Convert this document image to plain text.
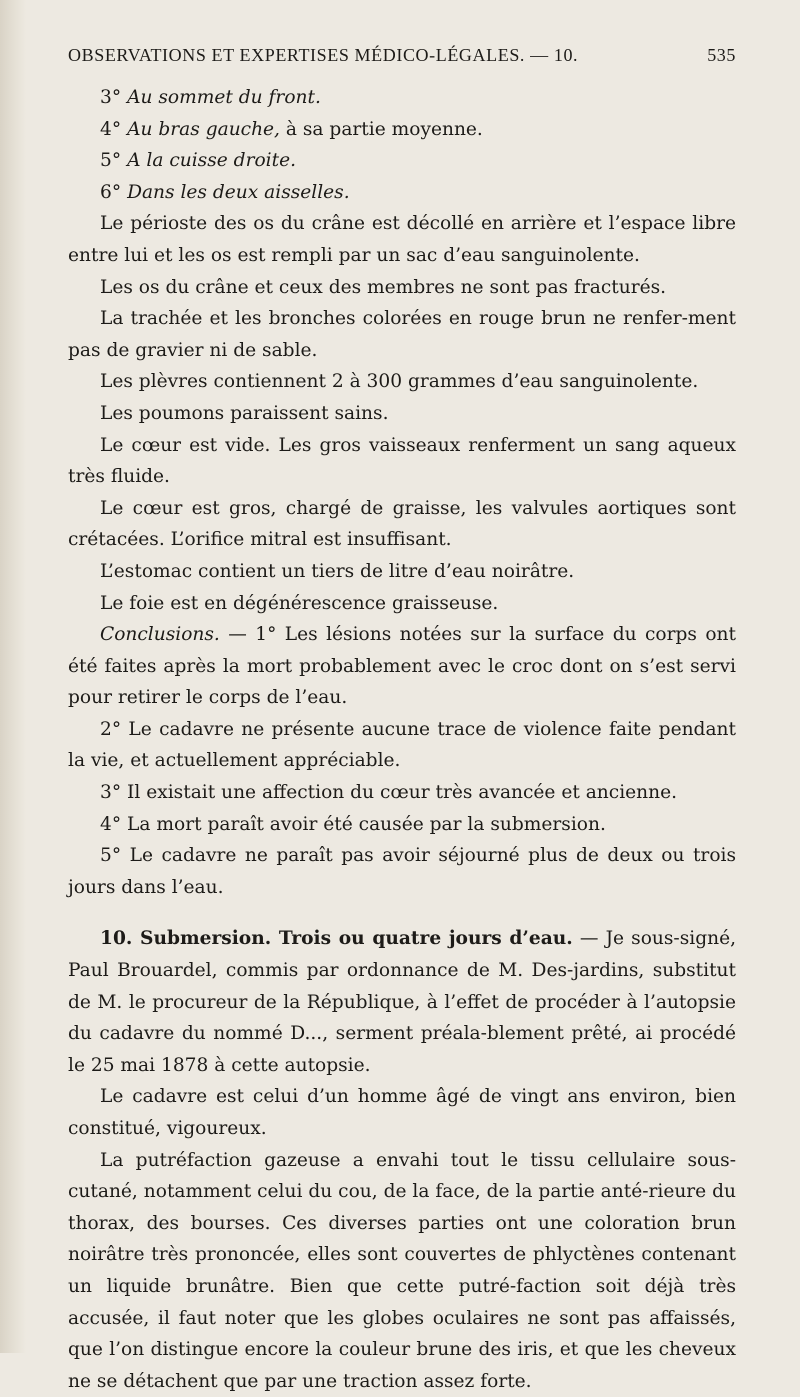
OBSERVATIONS ET EXPERTISES MÉDICO-LÉGALES. — 10.	535

3° Au sommet du front.

4° Au bras gauche, à sa partie moyenne.

5° A la cuisse droite.

6° Dans les deux aisselles.

Le périoste des os du crâne est décollé en arrière et l’espace libre entre lui et les os est rempli par un sac d’eau sanguinolente.

Les os du crâne et ceux des membres ne sont pas fracturés.

La trachée et les bronches colorées en rouge brun ne renfer-ment pas de gravier ni de sable.

Les plèvres contiennent 2 à 300 grammes d’eau sanguinolente.

Les poumons paraissent sains.

Le cœur est vide. Les gros vaisseaux renferment un sang aqueux très fluide.

Le cœur est gros, chargé de graisse, les valvules aortiques sont crétacées. L’orifice mitral est insuffisant.

L’estomac contient un tiers de litre d’eau noirâtre.

Le foie est en dégénérescence graisseuse.

Conclusions. — 1° Les lésions notées sur la surface du corps ont été faites après la mort probablement avec le croc dont on s’est servi pour retirer le corps de l’eau.

2° Le cadavre ne présente aucune trace de violence faite pendant la vie, et actuellement appréciable.

3° Il existait une affection du cœur très avancée et ancienne.

4° La mort paraît avoir été causée par la submersion.

5° Le cadavre ne paraît pas avoir séjourné plus de deux ou trois jours dans l’eau.

10. Submersion. Trois ou quatre jours d’eau. — Je sous-signé, Paul Brouardel, commis par ordonnance de M. Des-jardins, substitut de M. le procureur de la République, à l’effet de procéder à l’autopsie du cadavre du nommé D..., serment préala-blement prêté, ai procédé le 25 mai 1878 à cette autopsie.

Le cadavre est celui d’un homme âgé de vingt ans environ, bien constitué, vigoureux.

La putréfaction gazeuse a envahi tout le tissu cellulaire sous-cutané, notamment celui du cou, de la face, de la partie anté-rieure du thorax, des bourses. Ces diverses parties ont une coloration brun noirâtre très prononcée, elles sont couvertes de phlyctènes contenant un liquide brunâtre. Bien que cette putré-faction soit déjà très accusée, il faut noter que les globes oculaires ne sont pas affaissés, que l’on distingue encore la couleur brune des iris, et que les cheveux ne se détachent que par une traction assez forte.
